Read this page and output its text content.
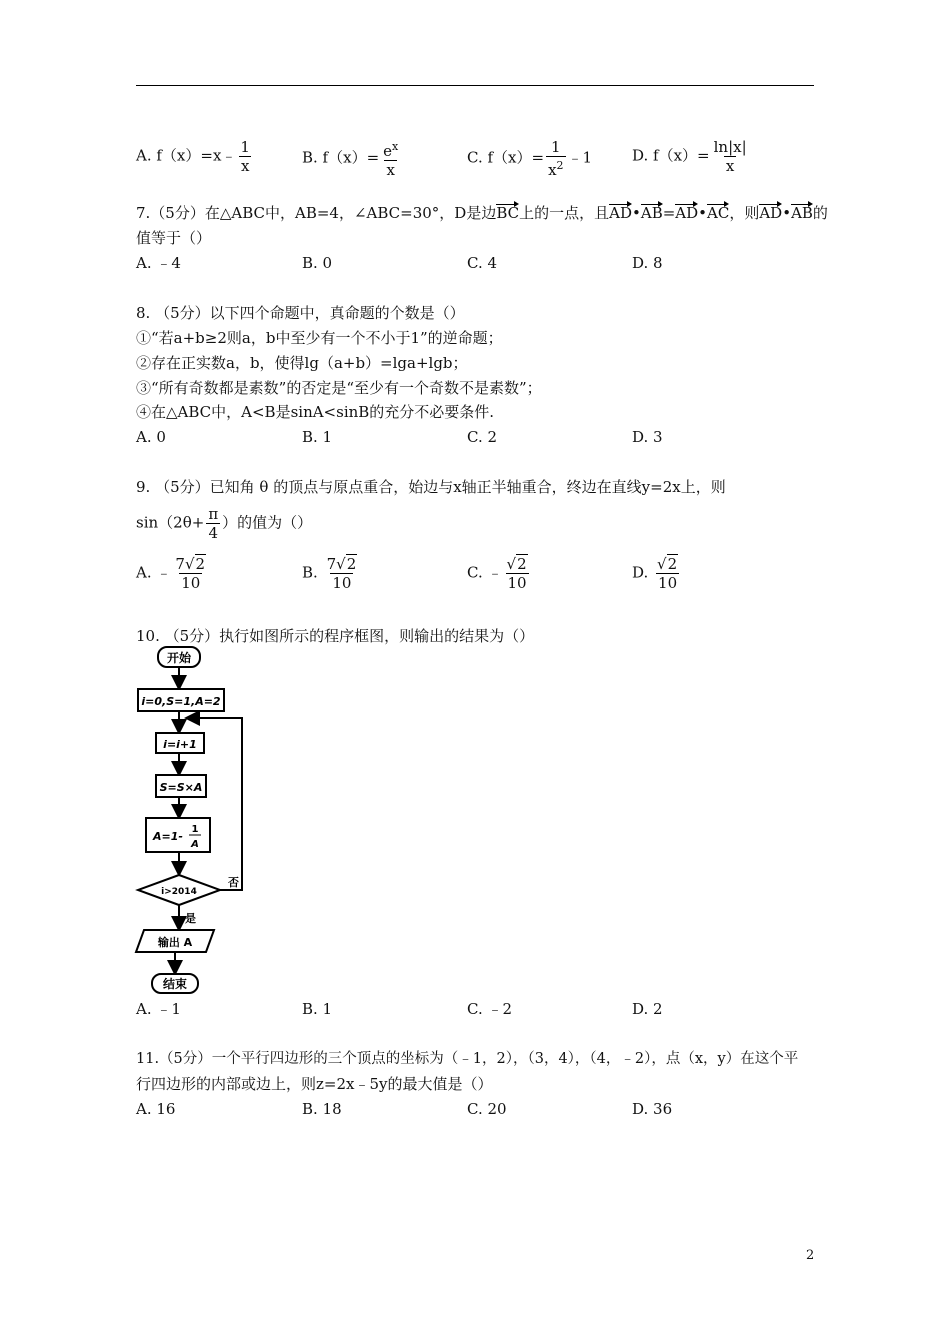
A. f（x）=x﹣ $\frac{1}{x}$	B. $f(x)= \frac{e^x}{x}$	C. $f(x)= \frac{1}{x^2}$ ﹣1	D. $f(x)= \frac{\ln|x|}{x}$
7.（5分）在△ABC中，AB=4，∠ABC=30°，D是边BC上的一点，且AD•AB=AD•AC，则AD•AB的
值等于（）
A. ﹣4	B. 0	C. 4	D. 8
8. （5分）以下四个命题中，真命题的个数是（）
①“若a+b≥2则a，b中至少有一个不小于1”的逆命题；
②存在正实数a，b，使得lg（a+b）=lga+lgb；
③“所有奇数都是素数”的否定是“至少有一个奇数不是素数”；
④在△ABC中，A<B是sinA<sinB的充分不必要条件.
A. 0	B. 1	C. 2	D. 3
9. （5分）已知角 θ 的顶点与原点重合，始边与x轴正半轴重合，终边在直线y=2x上，则
$\sin(2\theta+ \frac{\pi}{4}$ ）的值为（）
A. ﹣ $\frac{7√2}{10}$	B. $\frac{7√2}{10}$	C. ﹣ $\frac{√2}{10}$	D. $\frac{√2}{10}$
10. （5分）执行如图所示的程序框图，则输出的结果为（）
开始
i=0,S=1,A=2
i=i+1
S=S×A
A=1-
1
A
i>2014
否
是
输出 A
结束
A. ﹣1	B. 1	C. ﹣2	D. 2
11.（5分）一个平行四边形的三个顶点的坐标为（﹣1，2），（3，4），（4，﹣2），点（x，y）在这个平
行四边形的内部或边上，则z=2x﹣5y的最大值是（）
A. 16	B. 18	C. 20	D. 36
2
